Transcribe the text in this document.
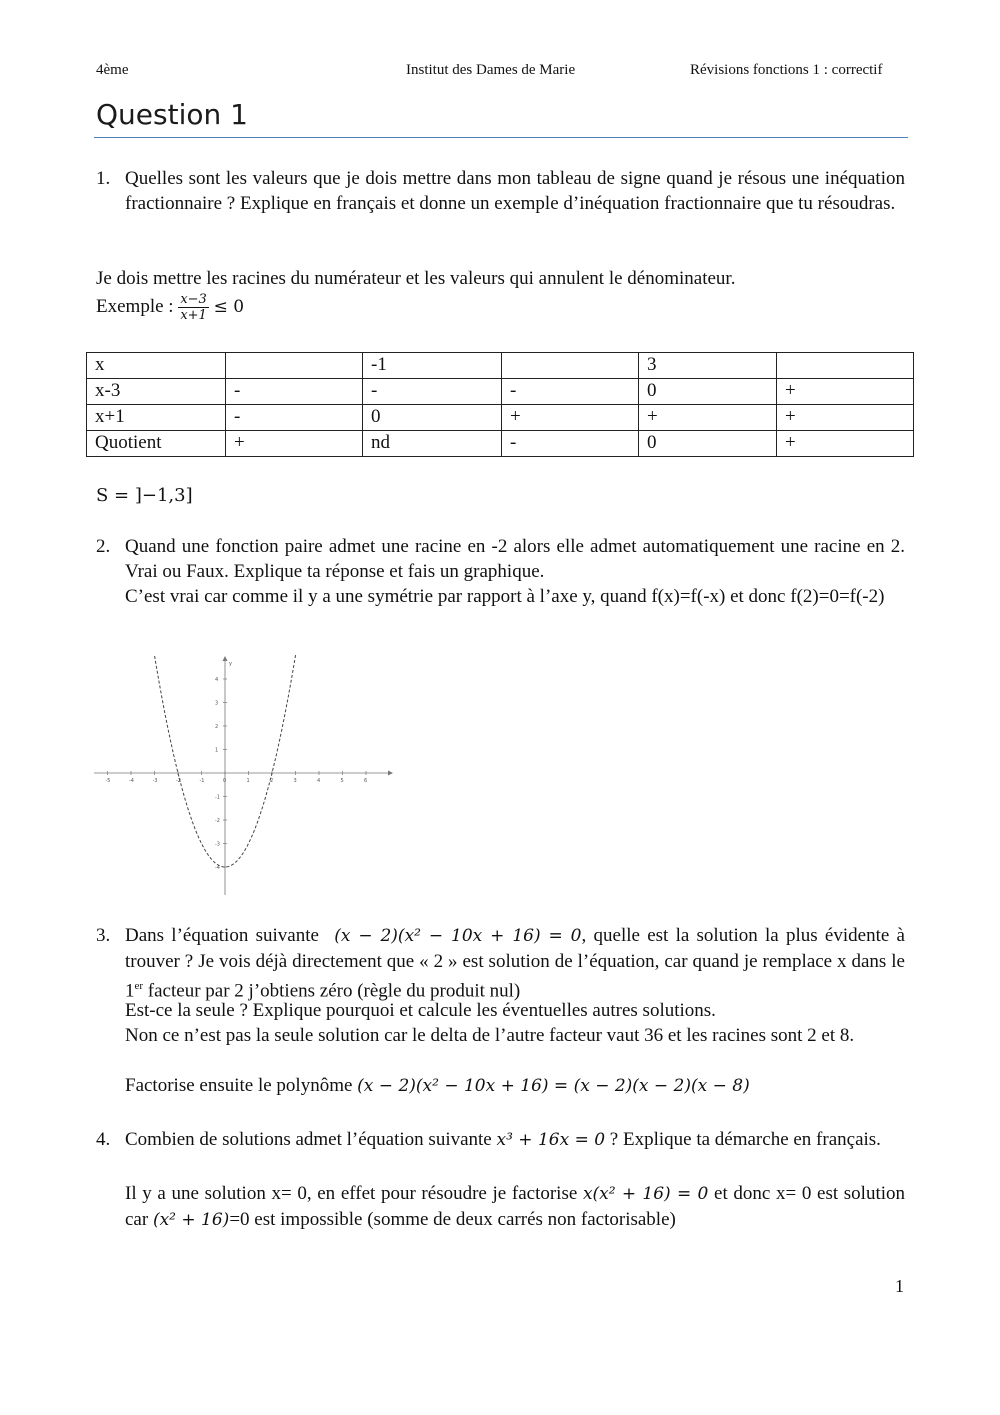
4ème	Institut des Dames de Marie	Révisions fonctions 1 : correctif
Question 1
1. Quelles sont les valeurs que je dois mettre dans mon tableau de signe quand je résous une inéquation fractionnaire ? Explique en français et donne un exemple d’inéquation fractionnaire que tu résoudras.
Je dois mettre les racines du numérateur et les valeurs qui annulent le dénominateur.
Exemple : $\frac{x-3}{x+1} \le 0$
x		-1		3	
x-3	-	-	-	0	+
x+1	-	0	+	+	+
Quotient	+	nd	-	0	+
S = ]−1,3]
2. Quand une fonction paire admet une racine en -2 alors elle admet automatiquement une racine en 2. Vrai ou Faux. Explique ta réponse et fais un graphique.
C’est vrai car comme il y a une symétrie par rapport à l’axe y, quand f(x)=f(-x) et donc f(2)=0=f(-2)
-5	-4	-3	-2	-1	0	1	2	3	4	5	6
-4
-3
-2
-1
1
2
3
4
y
3. Dans l’équation suivante (x − 2)(x² − 10x + 16) = 0, quelle est la solution la plus évidente à trouver ? Je vois déjà directement que « 2 » est solution de l’équation, car quand je remplace x dans le 1er facteur par 2 j’obtiens zéro (règle du produit nul)
Est-ce la seule ? Explique pourquoi et calcule les éventuelles autres solutions.
Non ce n’est pas la seule solution car le delta de l’autre facteur vaut 36 et les racines sont 2 et 8.
Factorise ensuite le polynôme (x − 2)(x² − 10x + 16) = (x − 2)(x − 2)(x − 8)
4. Combien de solutions admet l’équation suivante x³ + 16x = 0 ? Explique ta démarche en français.
Il y a une solution x= 0, en effet pour résoudre je factorise x(x² + 16) = 0 et donc x= 0 est solution car (x² + 16)=0 est impossible (somme de deux carrés non factorisable)
1
